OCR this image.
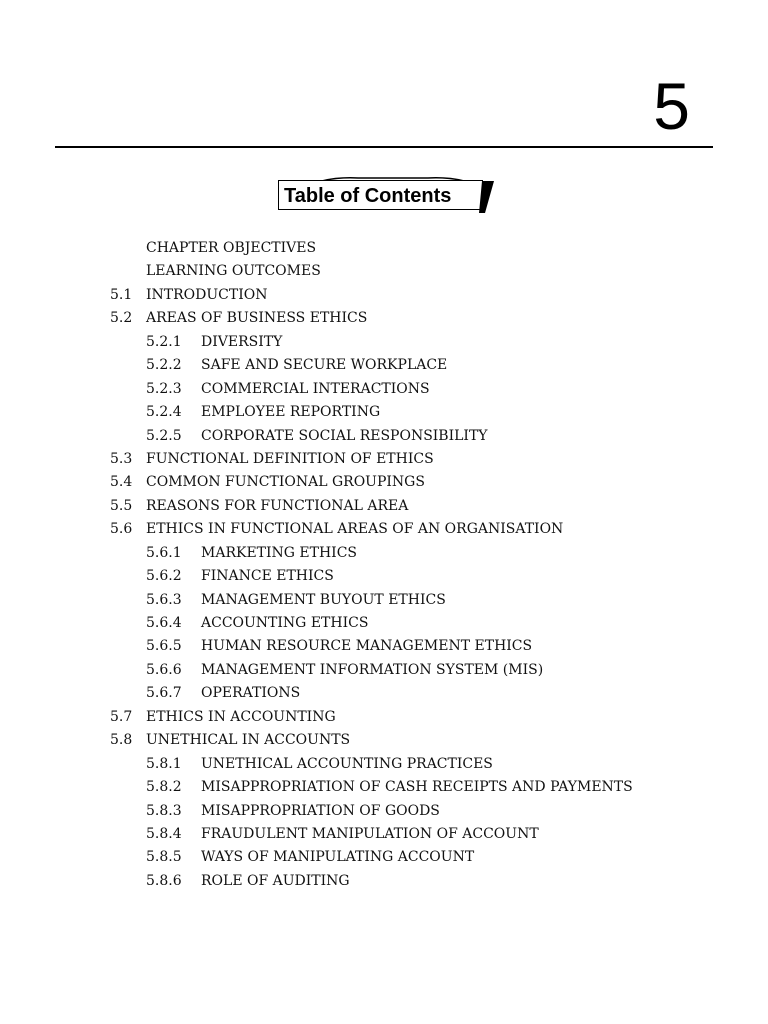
5
Table of Contents
CHAPTER OBJECTIVES
LEARNING OUTCOMES
5.1 INTRODUCTION
5.2 AREAS OF BUSINESS ETHICS
5.2.1 DIVERSITY
5.2.2 SAFE AND SECURE WORKPLACE
5.2.3 COMMERCIAL INTERACTIONS
5.2.4 EMPLOYEE REPORTING
5.2.5 CORPORATE SOCIAL RESPONSIBILITY
5.3 FUNCTIONAL DEFINITION OF ETHICS
5.4 COMMON FUNCTIONAL GROUPINGS
5.5 REASONS FOR FUNCTIONAL AREA
5.6 ETHICS IN FUNCTIONAL AREAS OF AN ORGANISATION
5.6.1 MARKETING ETHICS
5.6.2 FINANCE ETHICS
5.6.3 MANAGEMENT BUYOUT ETHICS
5.6.4 ACCOUNTING ETHICS
5.6.5 HUMAN RESOURCE MANAGEMENT ETHICS
5.6.6 MANAGEMENT INFORMATION SYSTEM (MIS)
5.6.7 OPERATIONS
5.7 ETHICS IN ACCOUNTING
5.8 UNETHICAL IN ACCOUNTS
5.8.1 UNETHICAL ACCOUNTING PRACTICES
5.8.2 MISAPPROPRIATION OF CASH RECEIPTS AND PAYMENTS
5.8.3 MISAPPROPRIATION OF GOODS
5.8.4 FRAUDULENT MANIPULATION OF ACCOUNT
5.8.5 WAYS OF MANIPULATING ACCOUNT
5.8.6 ROLE OF AUDITING
